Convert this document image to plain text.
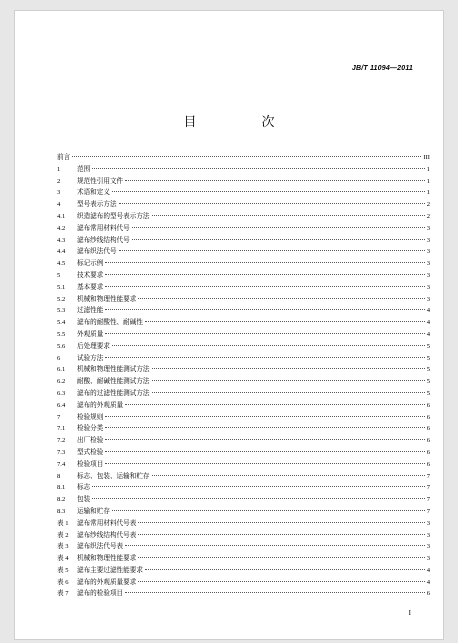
JB/T 11094—2011
目　次
前言	III
1	范围	1
2	规范性引用文件	1
3	术语和定义	1
4	型号表示方法	2
4.1	织造滤布的型号表示方法	2
4.2	滤布常用材料代号	3
4.3	滤布纱线结构代号	3
4.4	滤布织法代号	3
4.5	标记示例	3
5	技术要求	3
5.1	基本要求	3
5.2	机械和物理性能要求	3
5.3	过滤性能	4
5.4	滤布的耐酸性、耐碱性	4
5.5	外观质量	4
5.6	后处理要求	5
6	试验方法	5
6.1	机械和物理性能测试方法	5
6.2	耐酸、耐碱性能测试方法	5
6.3	滤布的过滤性能测试方法	5
6.4	滤布的外观质量	6
7	检验规则	6
7.1	检验分类	6
7.2	出厂检验	6
7.3	型式检验	6
7.4	检验项目	6
8	标志、包装、运输和贮存	7
8.1	标志	7
8.2	包装	7
8.3	运输和贮存	7
表 1	滤布常用材料代号表	3
表 2	滤布纱线结构代号表	3
表 3	滤布织法代号表	3
表 4	机械和物理性能要求	3
表 5	滤布主要过滤性能要求	4
表 6	滤布的外观质量要求	4
表 7	滤布的检验项目	6
I
